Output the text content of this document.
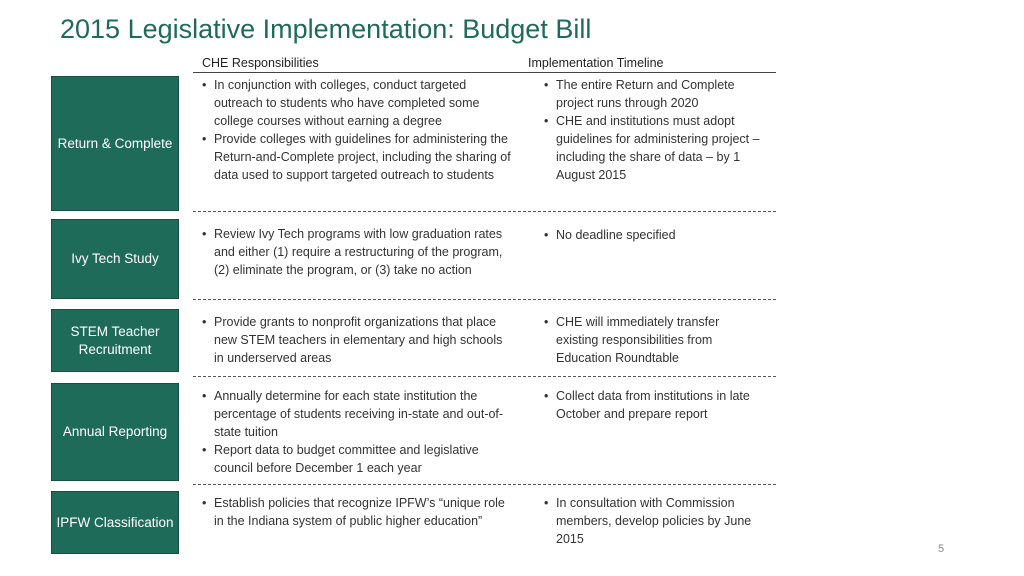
2015 Legislative Implementation: Budget Bill
CHE Responsibilities	Implementation Timeline
Return & Complete
• In conjunction with colleges, conduct targeted outreach to students who have completed some college courses without earning a degree
• Provide colleges with guidelines for administering the Return-and-Complete project, including the sharing of data used to support targeted outreach to students
• The entire Return and Complete project runs through 2020
• CHE and institutions must adopt guidelines for administering project – including the share of data – by 1 August 2015
Ivy Tech Study
• Review Ivy Tech programs with low graduation rates and either (1) require a restructuring of the program, (2) eliminate the program, or (3) take no action
• No deadline specified
STEM Teacher Recruitment
• Provide grants to nonprofit organizations that place new STEM teachers in elementary and high schools in underserved areas
• CHE will immediately transfer existing responsibilities from Education Roundtable
Annual Reporting
• Annually determine for each state institution the percentage of students receiving in-state and out-of-state tuition
• Report data to budget committee and legislative council before December 1 each year
• Collect data from institutions in late October and prepare report
IPFW Classification
• Establish policies that recognize IPFW’s “unique role in the Indiana system of public higher education”
• In consultation with Commission members, develop policies by June 2015
5
